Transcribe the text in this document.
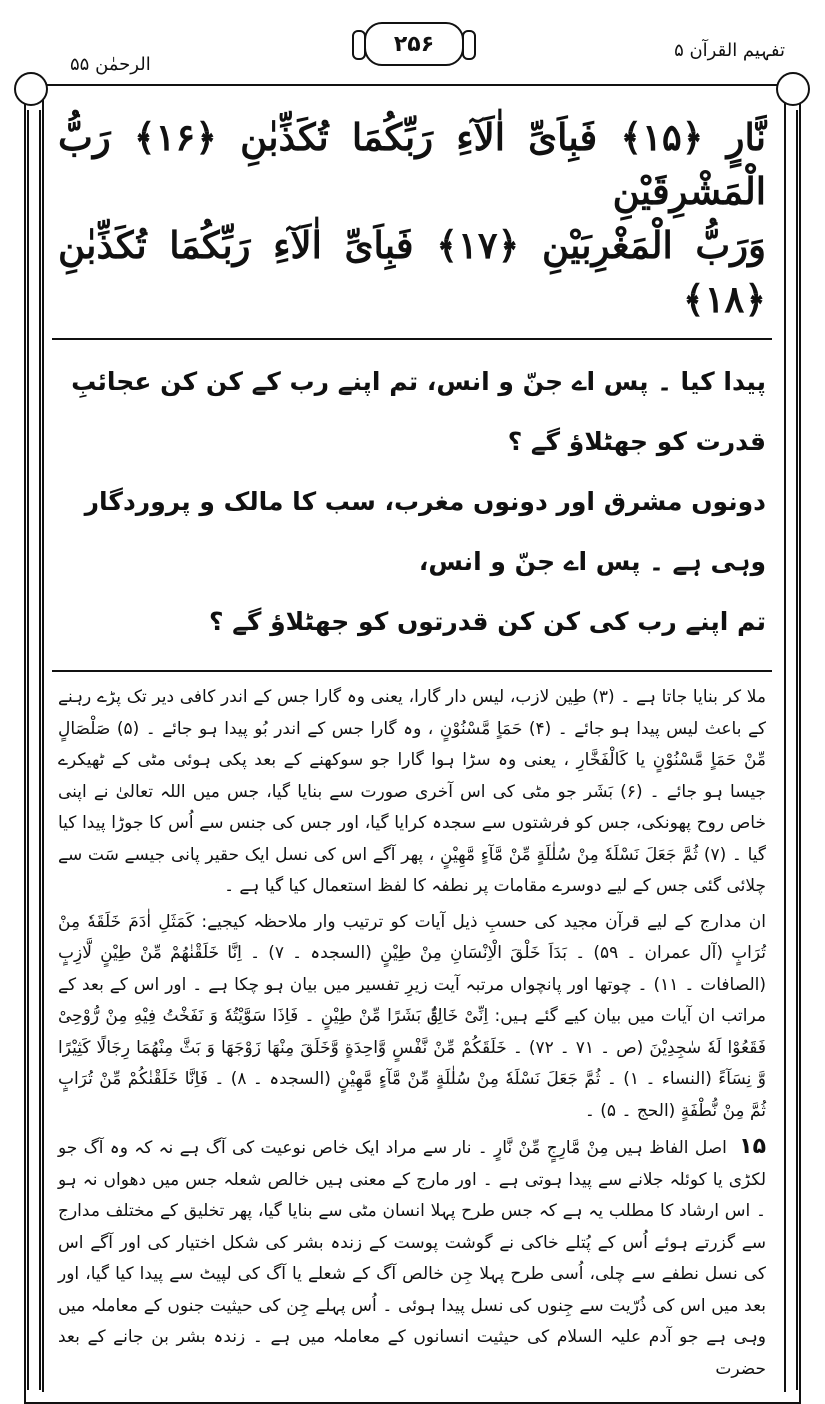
تفہیم القرآن ۵
۲۵۶
الرحمٰن ۵۵

نَّارٍ ﴿۱۵﴾ فَبِاَیِّ اٰلَآءِ رَبِّكُمَا تُكَذِّبٰنِ ﴿۱۶﴾ رَبُّ الْمَشْرِقَیْنِ

وَرَبُّ الْمَغْرِبَیْنِ ﴿۱۷﴾ فَبِاَیِّ اٰلَآءِ رَبِّكُمَا تُكَذِّبٰنِ ﴿۱۸﴾

پیدا کیا ۔ پس اے جنّ و انس، تم اپنے رب کے کن کن عجائبِ قدرت کو جھٹلاؤ گے ؟

دونوں مشرق اور دونوں مغرب، سب کا مالک و پروردگار وہی ہے ۔ پس اے جنّ و انس،

تم اپنے رب کی کن کن قدرتوں کو جھٹلاؤ گے ؟

ملا کر بنایا جاتا ہے ۔ (۳) طِین لازب، لیس دار گارا، یعنی وہ گارا جس کے اندر کافی دیر تک پڑے رہنے کے باعث لیس پیدا ہو جائے ۔ (۴) حَمَاٍ مَّسْنُوْنٍ ، وہ گارا جس کے اندر بُو پیدا ہو جائے ۔ (۵) صَلْصَالٍ مِّنْ حَمَاٍ مَّسْنُوْنٍ یا کَالْفَخَّارِ ، یعنی وہ سڑا ہوا گارا جو سوکھنے کے بعد پکی ہوئی مٹی کے ٹھیکرے جیسا ہو جائے ۔ (۶) بَشَر جو مٹی کی اس آخری صورت سے بنایا گیا، جس میں اللہ تعالیٰ نے اپنی خاص روح پھونکی، جس کو فرشتوں سے سجدہ کرایا گیا، اور جس کی جنس سے اُس کا جوڑا پیدا کیا گیا ۔ (۷) ثُمَّ جَعَلَ نَسْلَهٗ مِنْ سُلٰلَةٍ مِّنْ مَّآءٍ مَّهِیْنٍ ، پھر آگے اس کی نسل ایک حقیر پانی جیسے سَت سے چلائی گئی جس کے لیے دوسرے مقامات پر نطفہ کا لفظ استعمال کیا گیا ہے ۔

ان مدارج کے لیے قرآن مجید کی حسبِ ذیل آیات کو ترتیب وار ملاحظہ کیجیے: كَمَثَلِ اٰدَمَ خَلَقَهٗ مِنْ تُرَابٍ (آل عمران ۔ ۵۹) ۔ بَدَاَ خَلْقَ الْاِنْسَانِ مِنْ طِیْنٍ (السجدہ ۔ ۷) ۔ اِنَّا خَلَقْنٰهُمْ مِّنْ طِیْنٍ لَّازِبٍ (الصافات ۔ ۱۱) ۔ چوتھا اور پانچواں مرتبہ آیت زیرِ تفسیر میں بیان ہو چکا ہے ۔ اور اس کے بعد کے مراتب ان آیات میں بیان کیے گئے ہیں: اِنِّیْ خَالِقٌۢ بَشَرًا مِّنْ طِیْنٍ ۔ فَاِذَا سَوَّیْتُهٗ وَ نَفَخْتُ فِیْهِ مِنْ رُّوْحِیْ فَقَعُوْا لَهٗ سٰجِدِیْنَ (ص ۔ ۷۱ ۔ ۷۲) ۔ خَلَقَكُمْ مِّنْ نَّفْسٍ وَّاحِدَةٍ وَّخَلَقَ مِنْهَا زَوْجَهَا وَ بَثَّ مِنْهُمَا رِجَالًا كَثِیْرًا وَّ نِسَآءً (النساء ۔ ۱) ۔ ثُمَّ جَعَلَ نَسْلَهٗ مِنْ سُلٰلَةٍ مِّنْ مَّآءٍ مَّهِیْنٍ (السجدہ ۔ ۸) ۔ فَاِنَّا خَلَقْنٰكُمْ مِّنْ تُرَابٍ ثُمَّ مِنْ نُّطْفَةٍ (الحج ۔ ۵) ۔

۱۵ اصل الفاظ ہیں مِنْ مَّارِجٍ مِّنْ نَّارٍ ۔ نار سے مراد ایک خاص نوعیت کی آگ ہے نہ کہ وہ آگ جو لکڑی یا کوئلہ جلانے سے پیدا ہوتی ہے ۔ اور مارج کے معنی ہیں خالص شعلہ جس میں دھواں نہ ہو ۔ اس ارشاد کا مطلب یہ ہے کہ جس طرح پہلا انسان مٹی سے بنایا گیا، پھر تخلیق کے مختلف مدارج سے گزرتے ہوئے اُس کے پُتلے خاکی نے گوشت پوست کے زندہ بشر کی شکل اختیار کی اور آگے اس کی نسل نطفے سے چلی، اُسی طرح پہلا جِن خالص آگ کے شعلے یا آگ کی لپیٹ سے پیدا کیا گیا، اور بعد میں اس کی ذُرّیت سے جِنوں کی نسل پیدا ہوئی ۔ اُس پہلے جِن کی حیثیت جنوں کے معاملہ میں وہی ہے جو آدم علیہ السلام کی حیثیت انسانوں کے معاملہ میں ہے ۔ زندہ بشر بن جانے کے بعد حضرت
